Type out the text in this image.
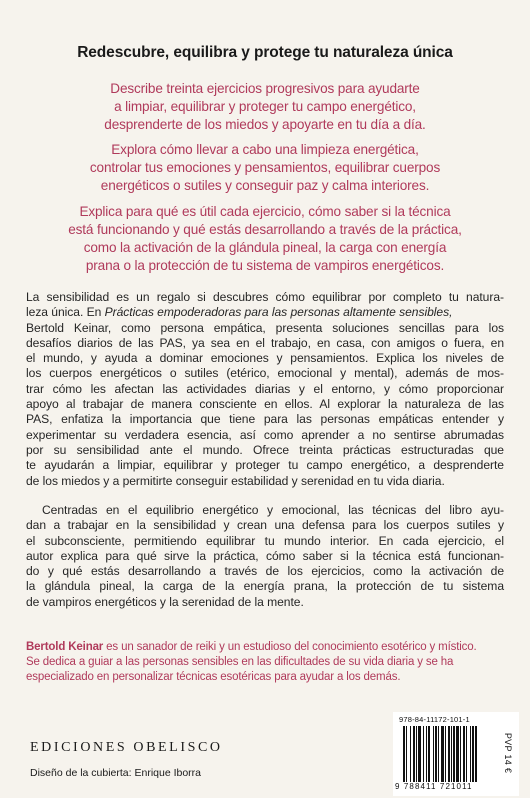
Redescubre, equilibra y protege tu naturaleza única
Describe treinta ejercicios progresivos para ayudarte
a limpiar, equilibrar y proteger tu campo energético,
desprenderte de los miedos y apoyarte en tu día a día.
Explora cómo llevar a cabo una limpieza energética,
controlar tus emociones y pensamientos, equilibrar cuerpos
energéticos o sutiles y conseguir paz y calma interiores.
Explica para qué es útil cada ejercicio, cómo saber si la técnica
está funcionando y qué estás desarrollando a través de la práctica,
como la activación de la glándula pineal, la carga con energía
prana o la protección de tu sistema de vampiros energéticos.
La sensibilidad es un regalo si descubres cómo equilibrar por completo tu natura-
leza única. En Prácticas empoderadoras para las personas altamente sensibles,
Bertold Keinar, como persona empática, presenta soluciones sencillas para los
desafíos diarios de las PAS, ya sea en el trabajo, en casa, con amigos o fuera, en
el mundo, y ayuda a dominar emociones y pensamientos. Explica los niveles de
los cuerpos energéticos o sutiles (etérico, emocional y mental), además de mos-
trar cómo les afectan las actividades diarias y el entorno, y cómo proporcionar
apoyo al trabajar de manera consciente en ellos. Al explorar la naturaleza de las
PAS, enfatiza la importancia que tiene para las personas empáticas entender y
experimentar su verdadera esencia, así como aprender a no sentirse abrumadas
por su sensibilidad ante el mundo. Ofrece treinta prácticas estructuradas que
te ayudarán a limpiar, equilibrar y proteger tu campo energético, a desprenderte
de los miedos y a permitirte conseguir estabilidad y serenidad en tu vida diaria.
Centradas en el equilibrio energético y emocional, las técnicas del libro ayu-
dan a trabajar en la sensibilidad y crean una defensa para los cuerpos sutiles y
el subconsciente, permitiendo equilibrar tu mundo interior. En cada ejercicio, el
autor explica para qué sirve la práctica, cómo saber si la técnica está funcionan-
do y qué estás desarrollando a través de los ejercicios, como la activación de
la glándula pineal, la carga de la energía prana, la protección de tu sistema
de vampiros energéticos y la serenidad de la mente.
Bertold Keinar es un sanador de reiki y un estudioso del conocimiento esotérico y místico.
Se dedica a guiar a las personas sensibles en las dificultades de su vida diaria y se ha
especializado en personalizar técnicas esotéricas para ayudar a los demás.
EDICIONES OBELISCO
Diseño de la cubierta: Enrique Iborra
978-84-11172-101-1
9 788411 721011
PVP 14 €
